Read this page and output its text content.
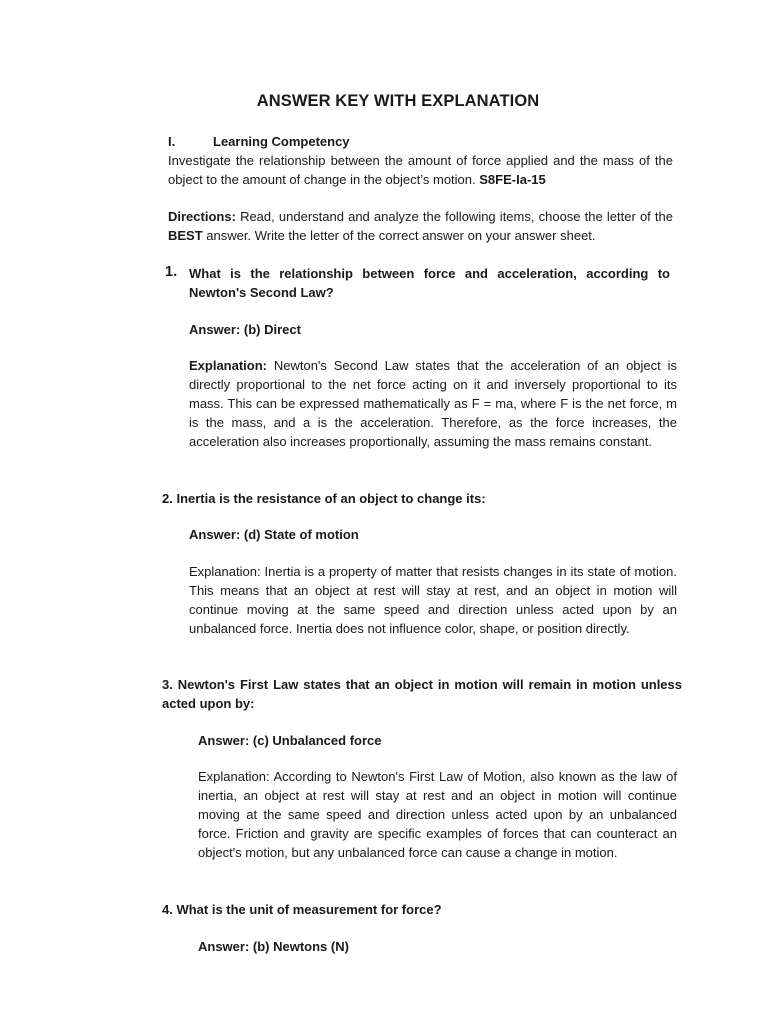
ANSWER KEY WITH EXPLANATION
I.	Learning Competency
Investigate the relationship between the amount of force applied and the mass of the object to the amount of change in the object’s motion. S8FE-Ia-15
Directions: Read, understand and analyze the following items, choose the letter of the BEST answer. Write the letter of the correct answer on your answer sheet.
1. What is the relationship between force and acceleration, according to Newton's Second Law?
Answer: (b) Direct
Explanation: Newton's Second Law states that the acceleration of an object is directly proportional to the net force acting on it and inversely proportional to its mass. This can be expressed mathematically as F = ma, where F is the net force, m is the mass, and a is the acceleration. Therefore, as the force increases, the acceleration also increases proportionally, assuming the mass remains constant.
2. Inertia is the resistance of an object to change its:
Answer: (d) State of motion
Explanation: Inertia is a property of matter that resists changes in its state of motion. This means that an object at rest will stay at rest, and an object in motion will continue moving at the same speed and direction unless acted upon by an unbalanced force. Inertia does not influence color, shape, or position directly.
3. Newton's First Law states that an object in motion will remain in motion unless acted upon by:
Answer: (c) Unbalanced force
Explanation: According to Newton's First Law of Motion, also known as the law of inertia, an object at rest will stay at rest and an object in motion will continue moving at the same speed and direction unless acted upon by an unbalanced force. Friction and gravity are specific examples of forces that can counteract an object's motion, but any unbalanced force can cause a change in motion.
4. What is the unit of measurement for force?
Answer: (b) Newtons (N)
